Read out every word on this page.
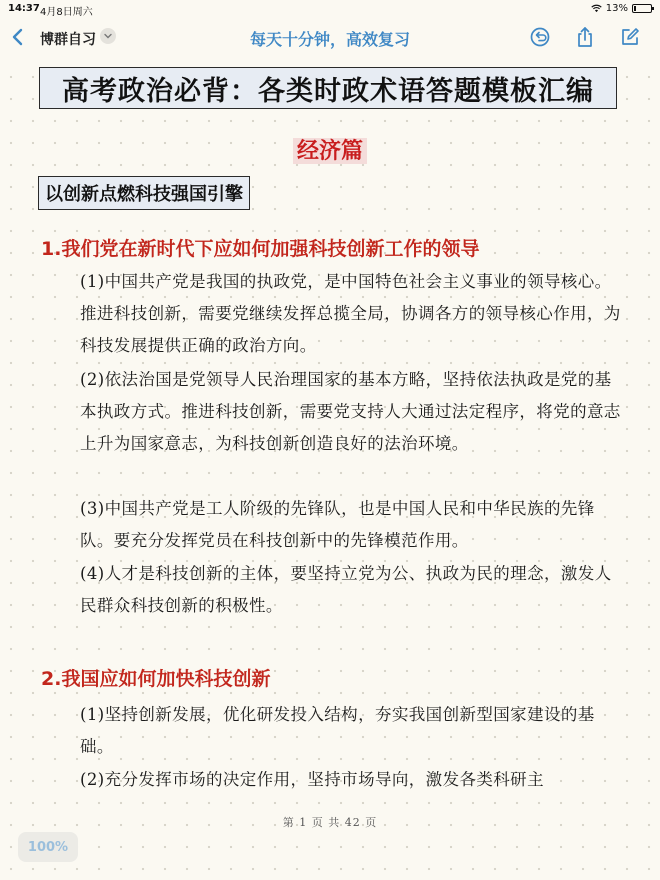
14:37 4月8日周六	13%
博群自习	每天十分钟，高效复习
高考政治必背：各类时政术语答题模板汇编
经济篇
以创新点燃科技强国引擎
1.我们党在新时代下应如何加强科技创新工作的领导
(1)中国共产党是我国的执政党，是中国特色社会主义事业的领导核心。推进科技创新，需要党继续发挥总揽全局，协调各方的领导核心作用，为科技发展提供正确的政治方向。
(2)依法治国是党领导人民治理国家的基本方略，坚持依法执政是党的基本执政方式。推进科技创新，需要党支持人大通过法定程序，将党的意志上升为国家意志，为科技创新创造良好的法治环境。
(3)中国共产党是工人阶级的先锋队，也是中国人民和中华民族的先锋队。要充分发挥党员在科技创新中的先锋模范作用。
(4)人才是科技创新的主体，要坚持立党为公、执政为民的理念，激发人民群众科技创新的积极性。
2.我国应如何加快科技创新
(1)坚持创新发展，优化研发投入结构，夯实我国创新型国家建设的基础。
(2)充分发挥市场的决定作用，坚持市场导向，激发各类科研主
第 1 页 共 42 页
100%
